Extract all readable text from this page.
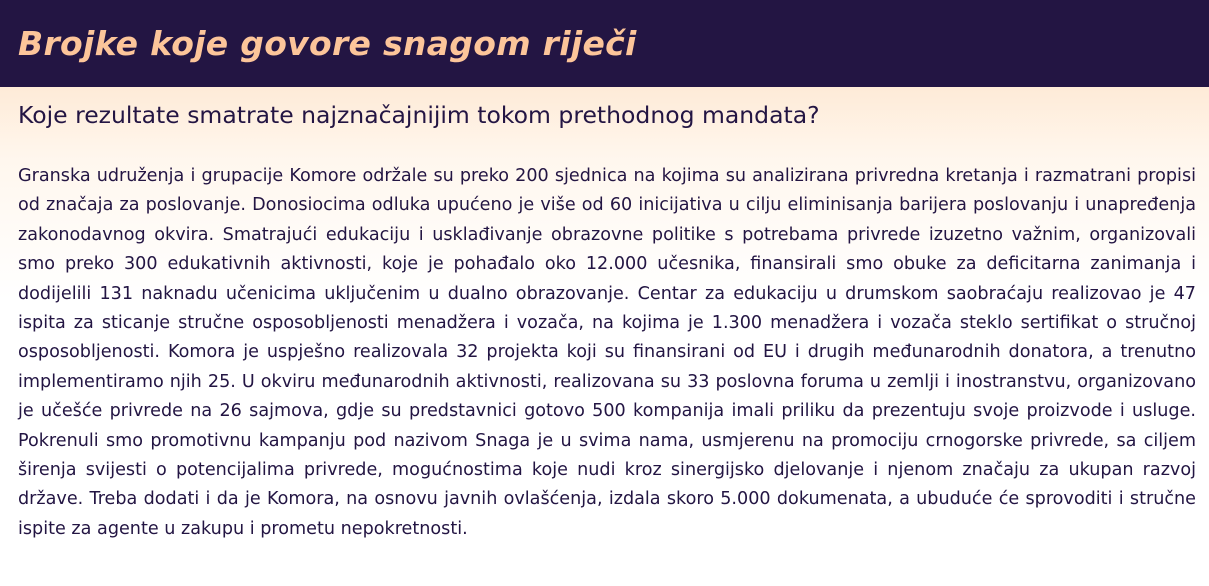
Brojke koje govore snagom riječi
Koje rezultate smatrate najznačajnijim tokom prethodnog mandata?

Granska udruženja i grupacije Komore održale su preko 200 sjednica na kojima su analizirana privredna kretanja i razmatrani propisi od značaja za poslovanje. Donosiocima odluka upućeno je više od 60 inicijativa u cilju eliminisanja barijera poslovanju i unapređenja zakonodavnog okvira. Smatrajući edukaciju i usklađivanje obrazovne politike s potrebama privrede izuzetno važnim, organizovali smo preko 300 edukativnih aktivnosti, koje je pohađalo oko 12.000 učesnika, finansirali smo obuke za deficitarna zanimanja i dodijelili 131 naknadu učenicima uključenim u dualno obrazovanje. Centar za edukaciju u drumskom saobraćaju realizovao je 47 ispita za sticanje stručne osposobljenosti menadžera i vozača, na kojima je 1.300 menadžera i vozača steklo sertifikat o stručnoj osposobljenosti. Komora je uspješno realizovala 32 projekta koji su finansirani od EU i drugih međunarodnih donatora, a trenutno implementiramo njih 25. U okviru međunarodnih aktivnosti, realizovana su 33 poslovna foruma u zemlji i inostranstvu, organizovano je učešće privrede na 26 sajmova, gdje su predstavnici gotovo 500 kompanija imali priliku da prezentuju svoje proizvode i usluge. Pokrenuli smo promotivnu kampanju pod nazivom Snaga je u svima nama, usmjerenu na promociju crnogorske privrede, sa ciljem širenja svijesti o potencijalima privrede, mogućnostima koje nudi kroz sinergijsko djelovanje i njenom značaju za ukupan razvoj države. Treba dodati i da je Komora, na osnovu javnih ovlašćenja, izdala skoro 5.000 dokumenata, a ubuduće će sprovoditi i stručne ispite za agente u zakupu i prometu nepokretnosti.
